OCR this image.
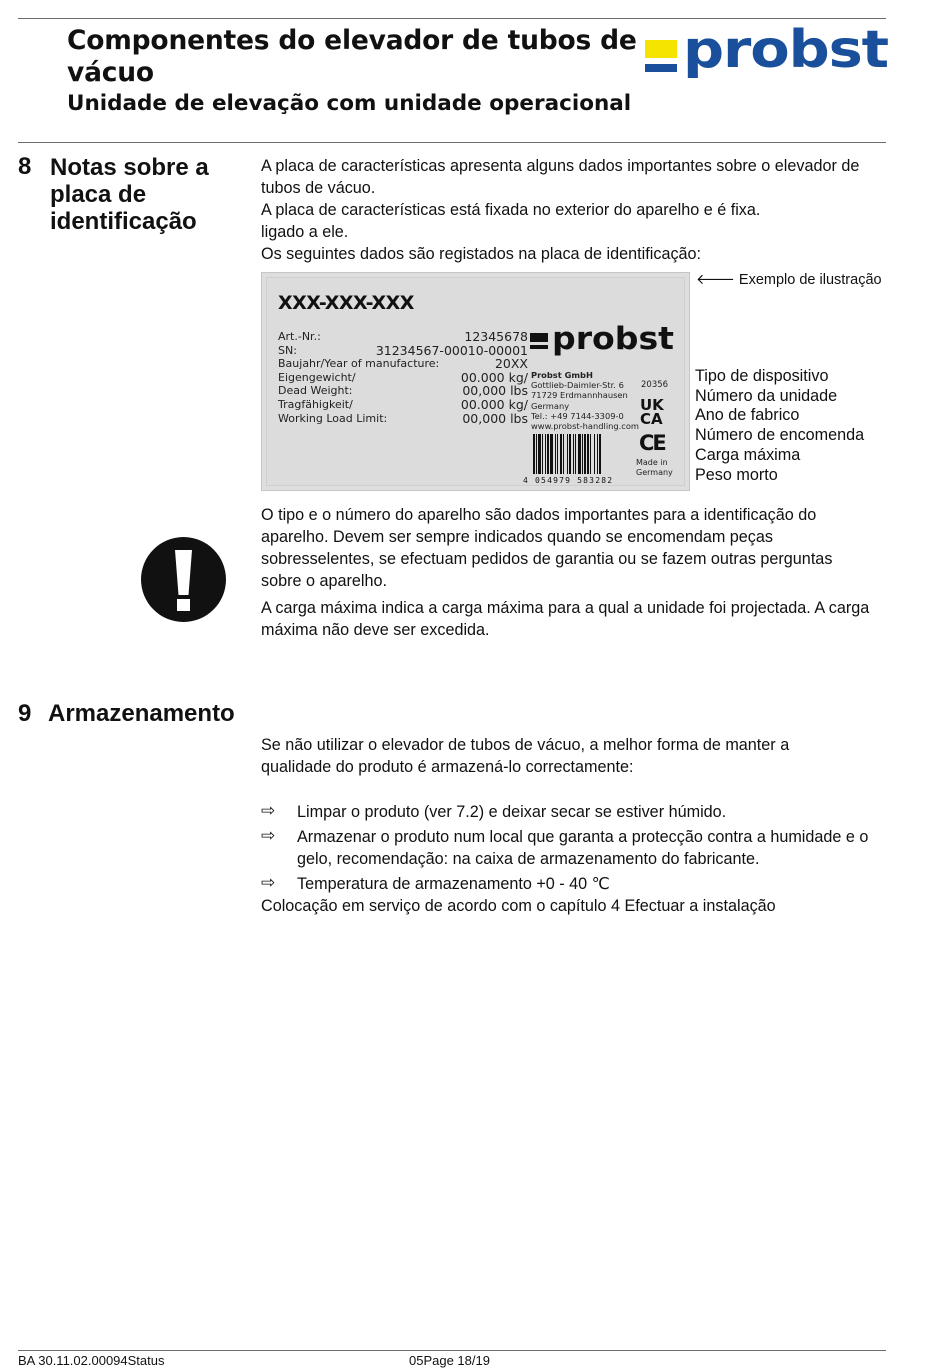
Componentes do elevador de tubos de vácuo
Unidade de elevação com unidade operacional
probst
8 Notas sobre a placa de identificação

A placa de características apresenta alguns dados importantes sobre o elevador de tubos de vácuo.

A placa de características está fixada no exterior do aparelho e é fixa.

ligado a ele.

Os seguintes dados são registados na placa de identificação:

XXX-XXX-XXX
Art.-Nr.:	12345678
SN:	31234567-00010-00001
Baujahr/Year of manufacture:	20XX
Eigengewicht/	00.000 kg/
Dead Weight:	00,000 lbs
Tragfähigkeit/	00.000 kg/
Working Load Limit:	00,000 lbs
probst
Probst GmbH
Gottlieb-Daimler-Str. 6
71729 Erdmannhausen
Germany
Tel.: +49 7144-3309-0
www.probst-handling.com
20356
UK
CA
CE
Made in
Germany
4 054979 583282
🡐 Exemplo de ilustração
Tipo de dispositivo
Número da unidade
Ano de fabrico
Número de encomenda
Carga máxima
Peso morto

O tipo e o número do aparelho são dados importantes para a identificação do aparelho. Devem ser sempre indicados quando se encomendam peças sobresselentes, se efectuam pedidos de garantia ou se fazem outras perguntas sobre o aparelho.

A carga máxima indica a carga máxima para a qual a unidade foi projectada. A carga máxima não deve ser excedida.

9 Armazenamento
Se não utilizar o elevador de tubos de vácuo, a melhor forma de manter a qualidade do produto é armazená-lo correctamente:
⇨ Limpar o produto (ver 7.2) e deixar secar se estiver húmido.
⇨ Armazenar o produto num local que garanta a protecção contra a humidade e o gelo, recomendação: na caixa de armazenamento do fabricante.
⇨ Temperatura de armazenamento +0 - 40 ℃
Colocação em serviço de acordo com o capítulo 4 Efectuar a instalação
BA 30.11.02.00094Status	05Page 18/19
